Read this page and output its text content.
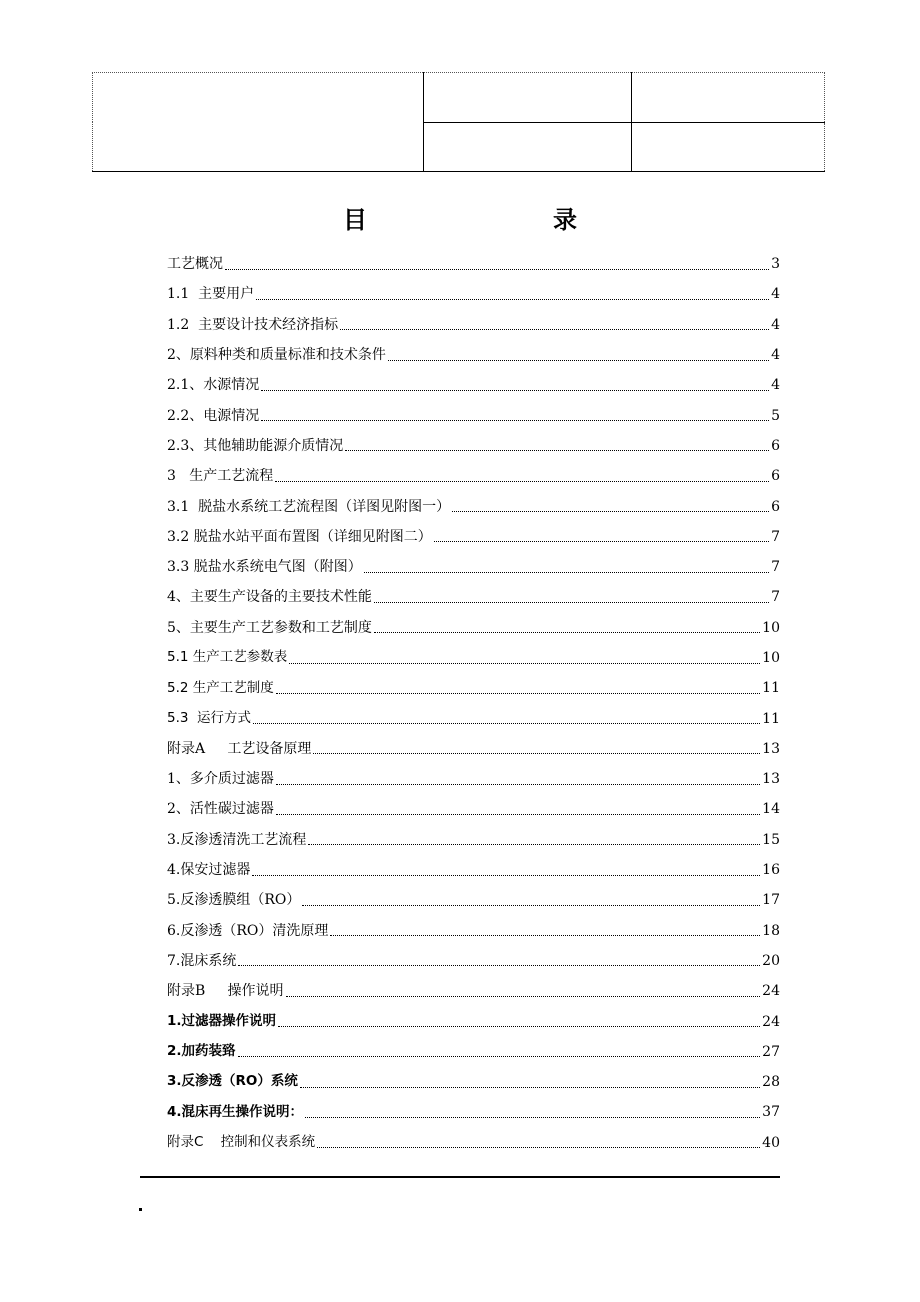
目	录
工艺概况	3
1.1  主要用户	4
1.2  主要设计技术经济指标	4
2、原料种类和质量标准和技术条件	4
2.1、水源情况	4
2.2、电源情况	5
2.3、其他辅助能源介质情况	6
3   生产工艺流程	6
3.1  脱盐水系统工艺流程图（详图见附图一）	6
3.2 脱盐水站平面布置图（详细见附图二）	7
3.3 脱盐水系统电气图（附图）	7
4、主要生产设备的主要技术性能	7
5、主要生产工艺参数和工艺制度	10
5.1 生产工艺参数表	10
5.2 生产工艺制度	11
5.3  运行方式	11
附录A     工艺设备原理	13
1、多介质过滤器	13
2、活性碳过滤器	14
3.反渗透清洗工艺流程	15
4.保安过滤器	16
5.反渗透膜组（RO）	17
6.反渗透（RO）清洗原理	18
7.混床系统	20
附录B     操作说明	24
1.过滤器操作说明	24
2.加药装臵	27
3.反渗透（RO）系统	28
4.混床再生操作说明：	37
附录C    控制和仪表系统	40
